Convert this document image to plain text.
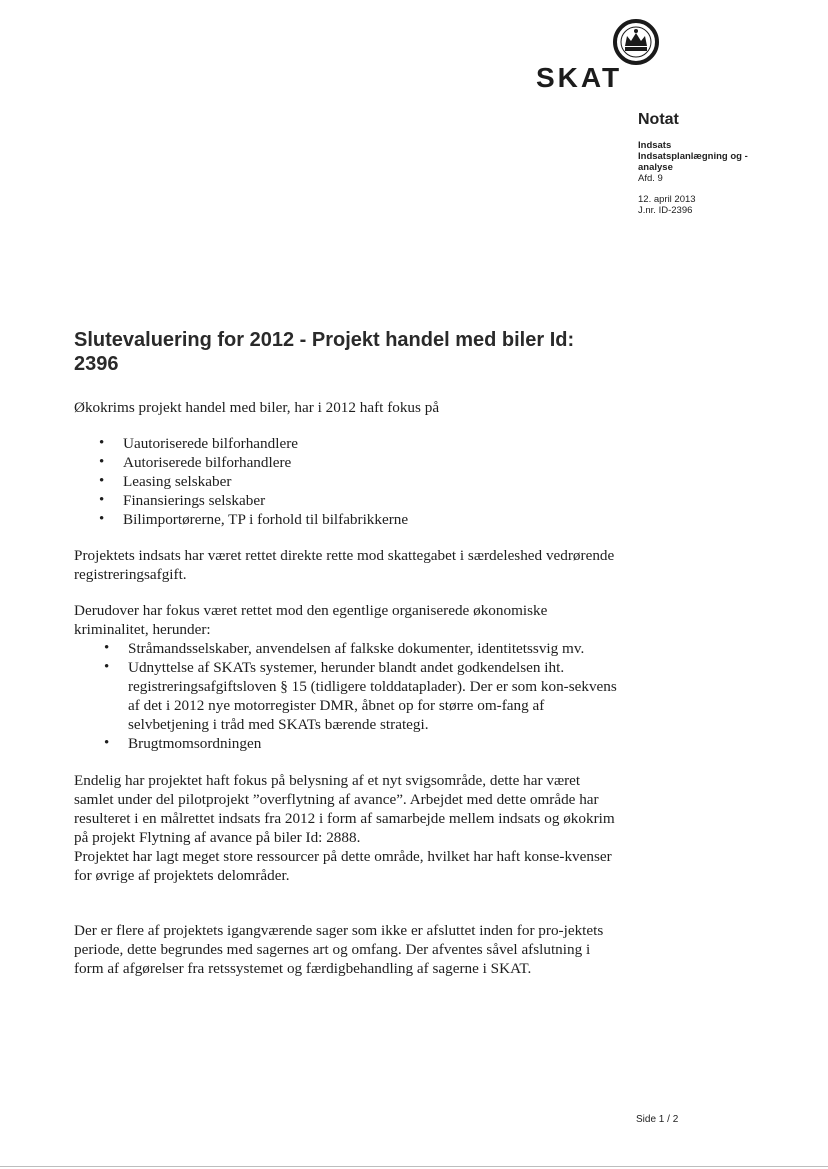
SKAT

Notat

Indsats

Indsatsplanlægning og -

analyse

Afd. 9

12. april 2013

J.nr. ID-2396

Slutevaluering for 2012 - Projekt handel med biler Id:
2396

Økokrims projekt handel med biler, har i 2012 haft fokus på

• Uautoriserede bilforhandlere
• Autoriserede bilforhandlere
• Leasing selskaber
• Finansierings selskaber
• Bilimportørerne, TP i forhold til bilfabrikkerne

Projektets indsats har været rettet direkte rette mod skattegabet i særdeleshed vedrørende registreringsafgift.

Derudover har fokus været rettet mod den egentlige organiserede økonomiske kriminalitet, herunder:

• Stråmandsselskaber, anvendelsen af falkske dokumenter, identitetssvig mv.
• Udnyttelse af SKATs systemer, herunder blandt andet godkendelsen iht. registreringsafgiftsloven § 15 (tidligere tolddataplader). Der er som kon-sekvens af det i 2012 nye motorregister DMR, åbnet op for større om-fang af selvbetjening i tråd med SKATs bærende strategi.
• Brugtmomsordningen

Endelig har projektet haft fokus på belysning af et nyt svigsområde, dette har været samlet under del pilotprojekt ”overflytning af avance”. Arbejdet med dette område har resulteret i en målrettet indsats fra 2012 i form af samarbejde mellem indsats og økokrim på projekt Flytning af avance på biler Id: 2888.

Projektet har lagt meget store ressourcer på dette område, hvilket har haft konse-kvenser for øvrige af projektets delområder.

Der er flere af projektets igangværende sager som ikke er afsluttet inden for pro-jektets periode, dette begrundes med sagernes art og omfang. Der afventes såvel afslutning i form af afgørelser fra retssystemet og færdigbehandling af sagerne i SKAT.

Side 1 / 2
